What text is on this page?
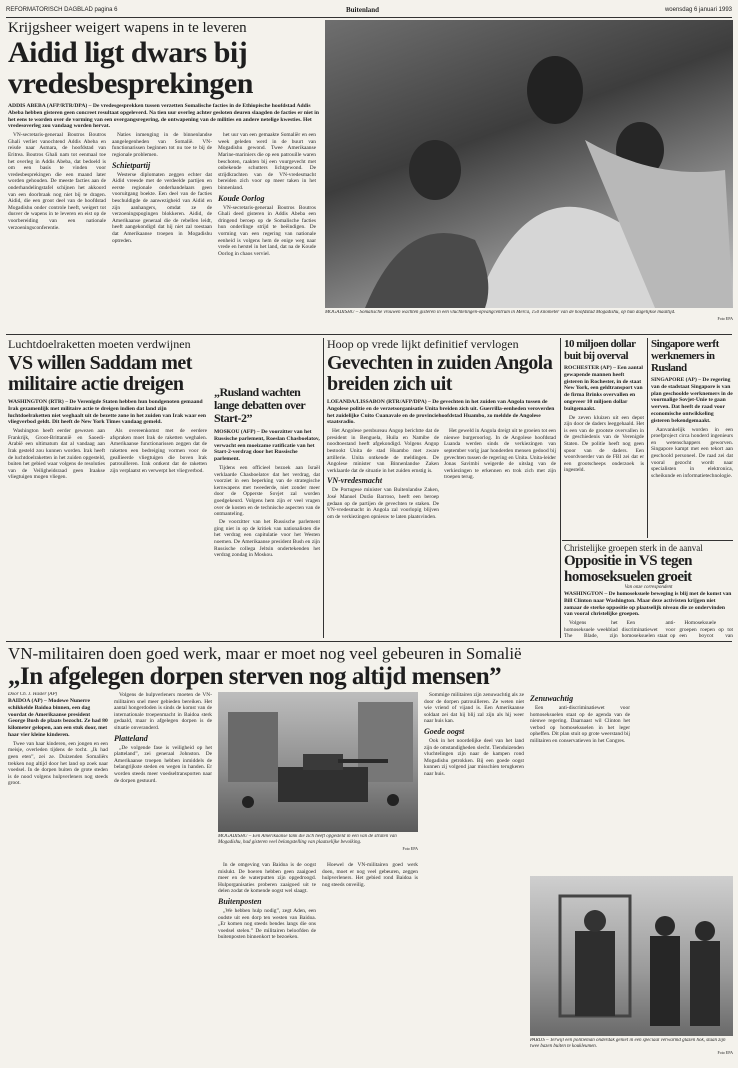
REFORMATORISCH DAGBLAD pagina 6	Buitenland	woensdag 6 januari 1993
Krijgsheer weigert wapens in te leveren
Aidid ligt dwars bij vredesbesprekingen
ADDIS ABEBA (AFP/RTR/DPA) – De vredesgesprekken tussen verzetten Somalische facties in de Ethiopische hoofdstad Addis Abeba hebben gisteren geen concreet resultaat opgeleverd. Na tien uur overleg achter gesloten deuren slaagden de facties er niet in het eens te worden over de vorming van een overgangsregering, de ontwapening van de milities en andere netelige kwesties. Het vredesoverleg zou vandaag worden hervat.

VN-secretaris-generaal Boutros Boutros Ghali verliet vanochtend Addis Abeba en reisde naar Asmara, de hoofdstad van Eritrea. Boutros Ghali nam tot eenmaal toe het overleg in Addis Abeba, dat bedoeld is om een basis te vinden voor vredesbesprekingen die een maand later worden gehouden. De meeste facties aan de onderhandelingstafel schijnen het akkoord van een doorbraak nog niet bij te dragen. Aidid, die een groot deel van de hoofdstad Mogadishu onder controle heeft, weigert tot dusver de wapens in te leveren en eist op de voorbereiding van een nationale verzoeningsconferentie.

Naties inmenging in de binnenlandse aangelegenheden van Somalië. VN-functionarissen beginnen tot nu toe te bij de regionale problemen.

Schietpartij

Westerse diplomaten zeggen echter dat Aidid vreesde met de verdeelde partijen en eerste regionale onderhandelaars geen vooruitgang boekte. Een deel van de facties beschuldigde de aanwezigheid van Aidid en zijn aanhangers, omdat ze de verzoeningspogingen blokkeren. Aidid, de Amerikaanse generaal die de rebellen leidt, heeft aangekondigd dat hij niet zal toestaan dat Amerikaanse troepen in Mogadishu optreden.

het uur van een gemaakte Somaliër en een week geleden werd in de buurt van Mogadishu gewond. Twee Amerikaanse Marine-mariniers die op een patrouille waren beschoten, raakten bij een vuurgevecht met onbekende schutters lichtgewond. De strijdkrachten van de VN-vredesmacht bereiden zich voor op meer taken in het binnenland.

Koude Oorlog

VN-secretaris-generaal Boutros Boutros Ghali deed gisteren in Addis Abeba een dringend beroep op de Somalische facties hun onderlinge strijd te beëindigen. De vorming van een regering van nationale eenheid is volgens hem de enige weg naar vrede en herstel in het land, dat na de Koude Oorlog in chaos verviel.

MOGADISHU – Somalische vrouwen wachten gisteren in een vluchtelingen-opvangcentrum in Merca, 150 kilometer van de hoofdstad Mogadishu, op hun dagelijkse maaltijd.
Foto EPA
Luchtdoelraketten moeten verdwijnen
VS willen Saddam met militaire actie dreigen
WASHINGTON (RTR) – De Verenigde Staten hebben hun bondgenoten gemaand Irak gezamenlijk met militaire actie te dreigen indien dat land zijn luchtdoelraketten niet weghaalt uit de bezette zone in het zuiden van Irak waar een vliegverbod geldt. Dit heeft de New York Times vandaag gemeld.

Washington heeft eerder gewezen aan Frankrijk, Groot-Brittannië en Saoedi-Arabië een ultimatum dat al vandaag aan Irak gesteld zou kunnen worden. Irak heeft de luchtdoelraketten in het zuiden opgesteld, buiten het gebied waar volgens de resoluties van de Veiligheidsraad geen Iraakse vliegtuigen mogen vliegen.

Als overeenkomst met de eerdere afspraken moet Irak de raketten weghalen. Amerikaanse functionarissen zeggen dat de raketten een bedreiging vormen voor de geallieerde vliegtuigen die boven Irak patrouilleren. Irak ontkent dat de raketten zijn verplaatst en verwerpt het vliegverbod.

„Rusland wachten lange debatten over Start-2”
MOSKOU (AFP) – De voorzitter van het Russische parlement, Roeslan Chasboelatov, verwacht een moeizame ratificatie van het Start-2-verdrag door het Russische parlement.

Tijdens een officieel bezoek aan Israël verklaarde Chasboelatov dat het verdrag, dat voorziet in een beperking van de strategische kernwapens met tweederde, niet zonder meer door de Opperste Sovjet zal worden goedgekeurd. Volgens hem zijn er veel vragen over de kosten en de technische aspecten van de ontmanteling.

De voorzitter van het Russische parlement ging niet in op de kritiek van nationalisten die het verdrag een capitulatie voor het Westen noemen. De Amerikaanse president Bush en zijn Russische collega Jeltsin ondertekenden het verdrag zondag in Moskou.

Hoop op vrede lijkt definitief vervlogen
Gevechten in zuiden Angola breiden zich uit
LOEANDA/LISSABON (RTR/AFP/DPA) – De gevechten in het zuiden van Angola tussen de Angolese politie en de verzetsorganisatie Unita breiden zich uit. Guerrilla-eenheden veroverden het zuidelijke Cuito Cuanavale en de provinciehoofdstad Huambo, zo meldde de Angolese staatsradio.

Het Angolese persbureau Angop berichtte dat de president in Benguela, Huila en Namibe de noodtoestand heeft afgekondigd. Volgens Angop bestookt Unita de stad Huambo met zware artillerie. Unita ontkende de meldingen. De Angolese minister van Binnenlandse Zaken verklaarde dat de situatie in het zuiden ernstig is.

VN-vredesmacht

De Portugese minister van Buitenlandse Zaken, José Manuel Durão Barroso, heeft een beroep gedaan op de partijen de gevechten te staken. De VN-vredesmacht in Angola zal voorlopig blijven om de verkiezingen opnieuw te laten plaatsvinden.

Het geweld in Angola dreigt uit te groeien tot een nieuwe burgeroorlog. In de Angolese hoofdstad Luanda werden sinds de verkiezingen van september vorig jaar honderden mensen gedood bij gevechten tussen de regering en Unita. Unita-leider Jonas Savimbi weigerde de uitslag van de verkiezingen te erkennen en trok zich met zijn troepen terug.

10 miljoen dollar buit bij overval
ROCHESTER (AP) – Een aantal gewapende mannen heeft gisteren in Rochester, in de staat New York, een geldtransport van de firma Brinks overvallen en ongeveer 10 miljoen dollar buitgemaakt.

De zeven kluizen uit een depot zijn door de daders leeggehaald. Het is een van de grootste overvallen in de geschiedenis van de Verenigde Staten. De politie heeft nog geen spoor van de daders. Een woordvoerder van de FBI zei dat er een grootscheeps onderzoek is ingesteld.

Singapore werft werknemers in Rusland
SINGAPORE (AP) – De regering van de stadstaat Singapore is van plan geschoolde werknemers in de voormalige Sovjet-Unie te gaan werven. Dat heeft de raad voor economische ontwikkeling gisteren bekendgemaakt.

Aanvankelijk worden in een proefproject circa honderd ingenieurs en wetenschappers geworven. Singapore kampt met een tekort aan geschoold personeel. De raad zei dat vooral gezocht wordt naar specialisten in elektronica, scheikunde en informatietechnologie.

Christelijke groepen sterk in de aanval
Oppositie in VS tegen homoseksuelen groeit
Van onze correspondent
WASHINGTON – De homoseksuele beweging is blij met de komst van Bill Clinton naar Washington. Maar deze activisten krijgen niet zomaar de sterke oppositie op plaatselijk niveau die ze ondervinden van vooral christelijke groepen.

Volgens het homoseksuele weekblad The Blade, zijn

Een anti-discriminatiewet voor homoseksuelen staat op

Homoseksuele groepen roepen op tot een boycot van

VN-militairen doen goed werk, maar er moet nog veel gebeuren in Somalië
„In afgelegen dorpen sterven nog altijd mensen”
Door Ch. J. Hasler (AP)
BAIDOA (AP) – Modewe Nunerre schikkelde Baidoa binnen, een dag voordat de Amerikaanse president George Bush de plaats bezocht. Ze had 80 kilometer gelopen, aan een stuk door, met haar vier kleine kinderen.

Twee van haar kinderen, een jongen en een meisje, overleden tijdens de tocht. „Ik had geen eten”, zei ze. Duizenden Somaliërs trekken nog altijd door het land op zoek naar voedsel. In de dorpen buiten de grote steden is de nood volgens hulpverleners nog steeds groot.

Volgens de hulpverleners moeten de VN-militairen snel meer gebieden bereiken. Het aantal hongerdoden is sinds de komst van de internationale troepenmacht in Baidoa sterk gedaald, maar in afgelegen dorpen is de situatie onveranderd.

Platteland

„De volgende fase is veiligheid op het platteland”, zei generaal Johnston. De Amerikaanse troepen hebben inmiddels de belangrijkste steden en wegen in handen. Er worden steeds meer voedseltransporten naar de dorpen gestuurd.

MOGADISHU – Een Amerikaanse tank die zich heeft opgesteld in een van de straten van Mogadishu, had gisteren veel belangstelling van plaatselijke bevolking.
Foto EPA

In de omgeving van Baidoa is de oogst mislukt. De boeren hebben geen zaaigoed meer en de waterputten zijn opgedroogd. Hulporganisaties proberen zaaigoed uit te delen zodat de komende oogst wel slaagt.

Buitenposten

„We hebben hulp nodig”, zegt Aden, een oudste uit een dorp ten westen van Baidoa. „Er komen nog steeds bendes langs die ons voedsel stelen.” De militairen beloofden de buitenposten binnenkort te bezoeken.

Hoewel de VN-militairen goed werk doen, moet er nog veel gebeuren, zeggen hulpverleners. Het gebied rond Baidoa is nog steeds onveilig.

Sommige militairen zijn zenuwachtig als ze door de dorpen patrouilleren. Ze weten niet wie vriend of vijand is. Een Amerikaanse soldaat zei dat hij blij zal zijn als hij weer naar huis kan.

Goede oogst

Ook in het noordelijke deel van het land zijn de omstandigheden slecht. Tienduizenden vluchtelingen zijn naar de kampen rond Mogadishu getrokken. Bij een goede oogst kunnen zij volgend jaar misschien terugkeren naar huis.

Zenuwachtig

Een anti-discriminatiewet voor homoseksuelen staat op de agenda van de nieuwe regering. Daarnaast wil Clinton het verbod op homoseksuelen in het leger opheffen. Dit plan stuit op grote weerstand bij militairen en conservatieven in het Congres.

PARIJS – Terwijl een politieman onderdak geniet in een speciaal verwarmd glazen hok, staan zijn twee bazen buiten te koukleumen.
Foto EPA
